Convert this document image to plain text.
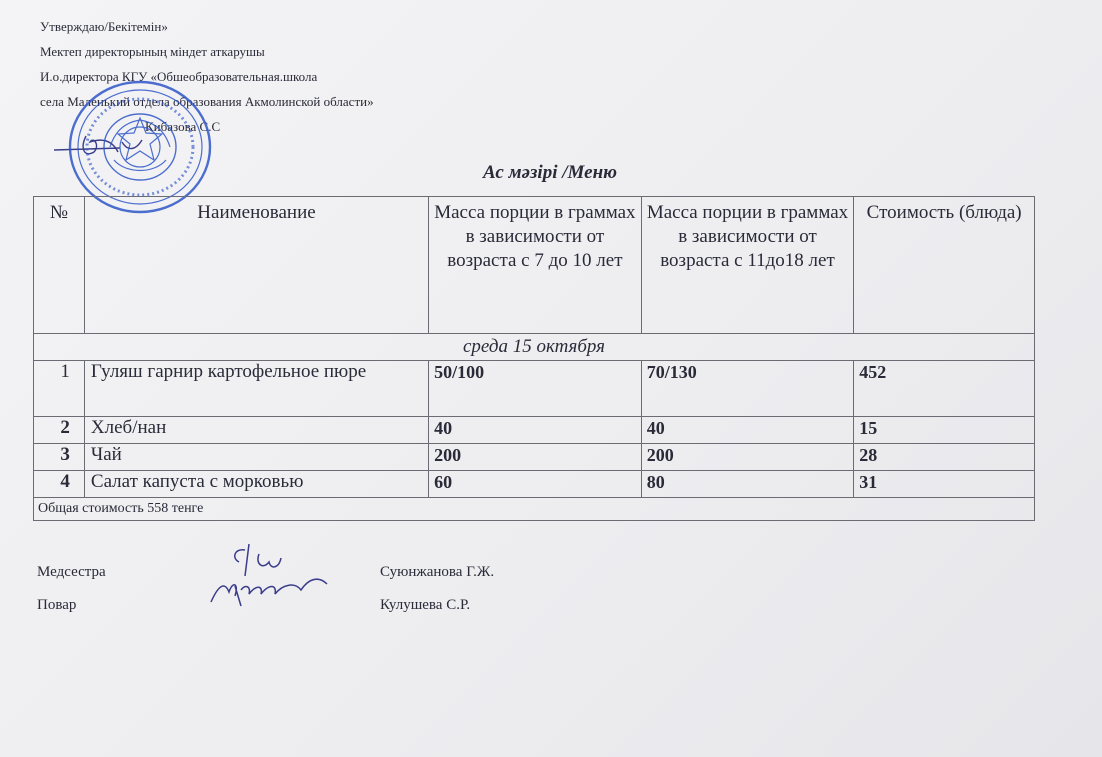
Утверждаю/Бекітемін»
Мектеп директорының міндет аткарушы
И.о.директора КГУ «Обшеобразовательная.школа
села Маленький отдела образования Акмолинской области»
Кибазова С.С
Ас мәзірі /Меню
№	Наименование	Масса порции в граммах в зависимости от возраста с 7 до 10 лет	Масса порции в граммах в зависимости от возраста с 11до18 лет	Стоимость (блюда)
среда 15 октября				
1	Гуляш гарнир картофельное пюре	50/100	70/130	452
2	Хлеб/нан	40	40	15
3	Чай	200	200	28
4	Салат капуста с морковью	60	80	31
Общая стоимость 558 тенге				
Медсестра	Суюнжанова Г.Ж.
Повар	Кулушева С.Р.
